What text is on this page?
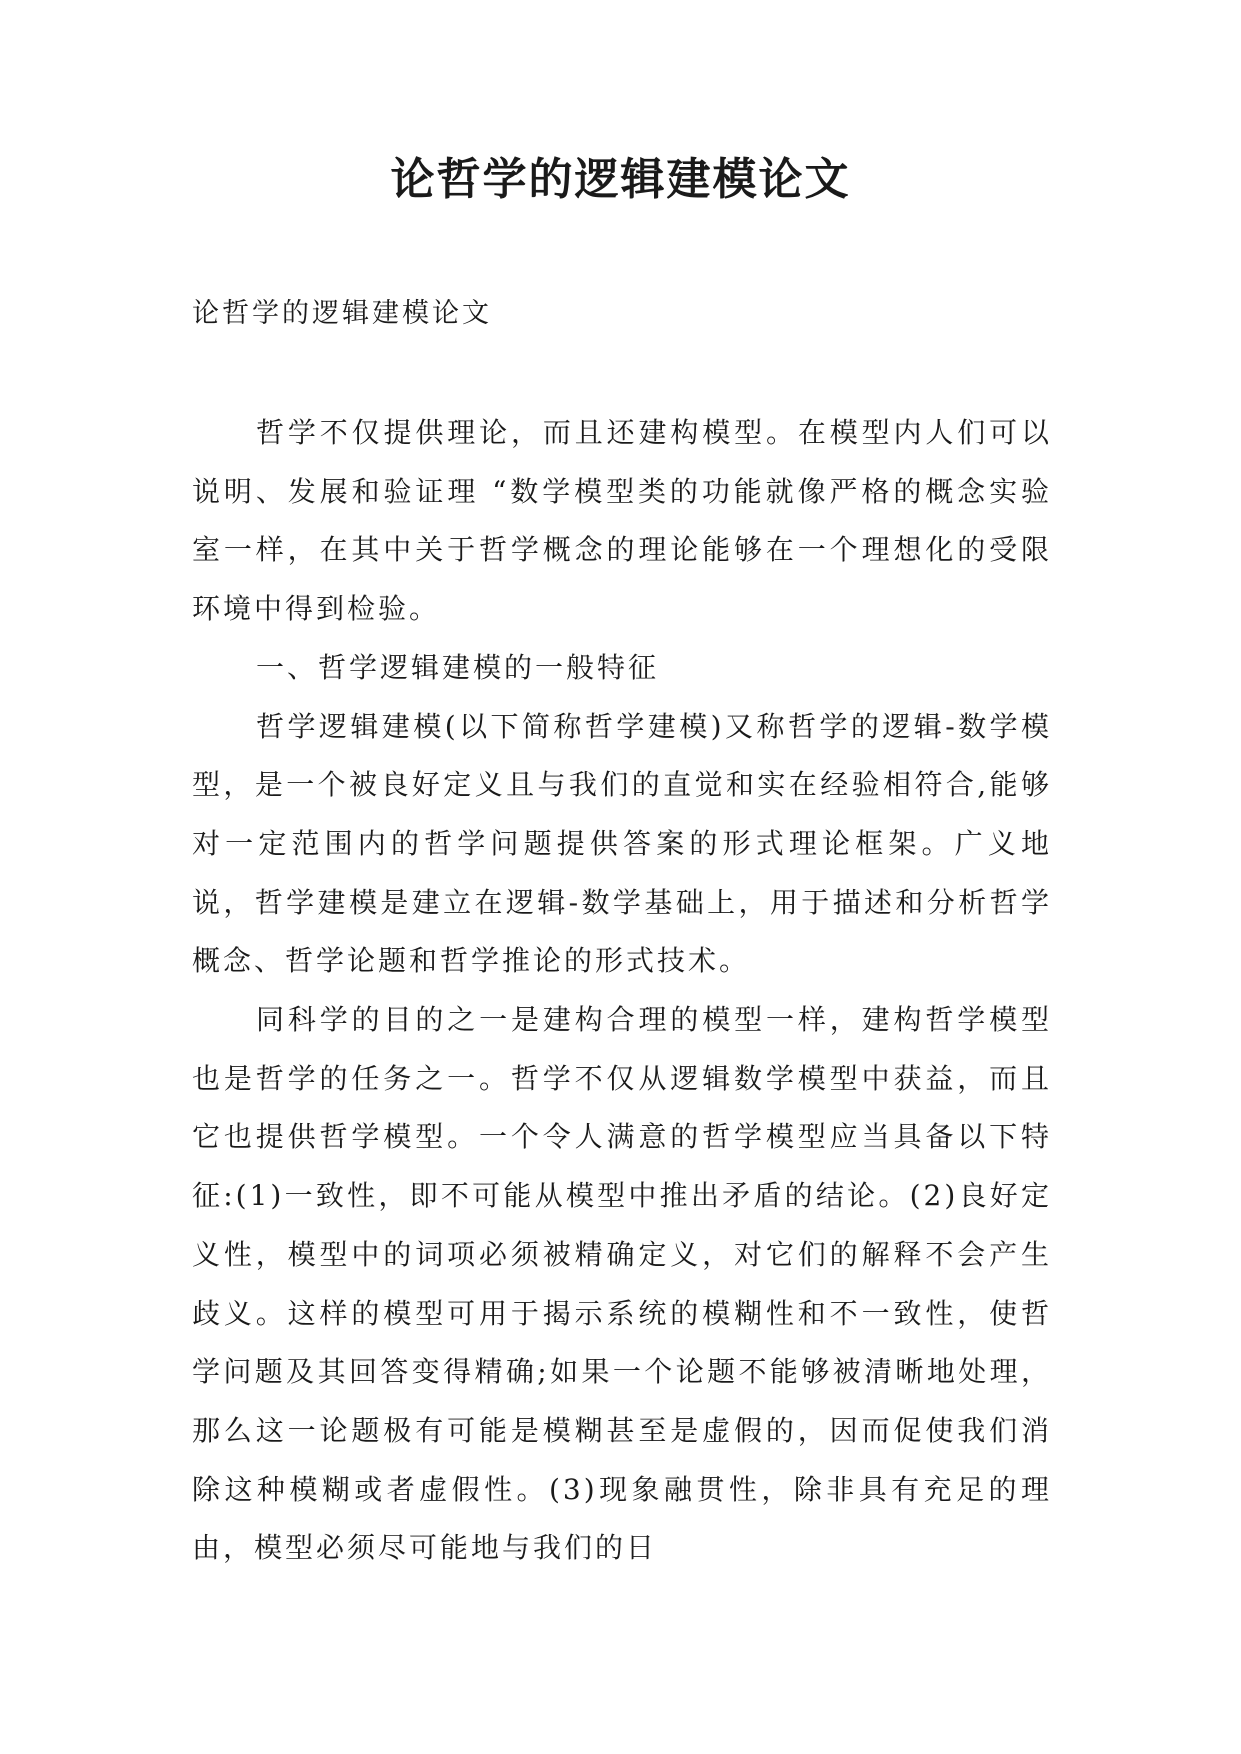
论哲学的逻辑建模论文

论哲学的逻辑建模论文

哲学不仅提供理论，而且还建构模型。在模型内人们可以说明、发展和验证理 “数学模型类的功能就像严格的概念实验室一样，在其中关于哲学概念的理论能够在一个理想化的受限环境中得到检验。

一、哲学逻辑建模的一般特征

哲学逻辑建模(以下简称哲学建模)又称哲学的逻辑-数学模型，是一个被良好定义且与我们的直觉和实在经验相符合,能够对一定范围内的哲学问题提供答案的形式理论框架。广义地说，哲学建模是建立在逻辑-数学基础上，用于描述和分析哲学概念、哲学论题和哲学推论的形式技术。

同科学的目的之一是建构合理的模型一样，建构哲学模型也是哲学的任务之一。哲学不仅从逻辑数学模型中获益，而且它也提供哲学模型。一个令人满意的哲学模型应当具备以下特征:(1)一致性，即不可能从模型中推出矛盾的结论。(2)良好定义性，模型中的词项必须被精确定义，对它们的解释不会产生歧义。这样的模型可用于揭示系统的模糊性和不一致性，使哲学问题及其回答变得精确;如果一个论题不能够被清晰地处理，那么这一论题极有可能是模糊甚至是虚假的，因而促使我们消除这种模糊或者虚假性。(3)现象融贯性，除非具有充足的理由，模型必须尽可能地与我们的日
